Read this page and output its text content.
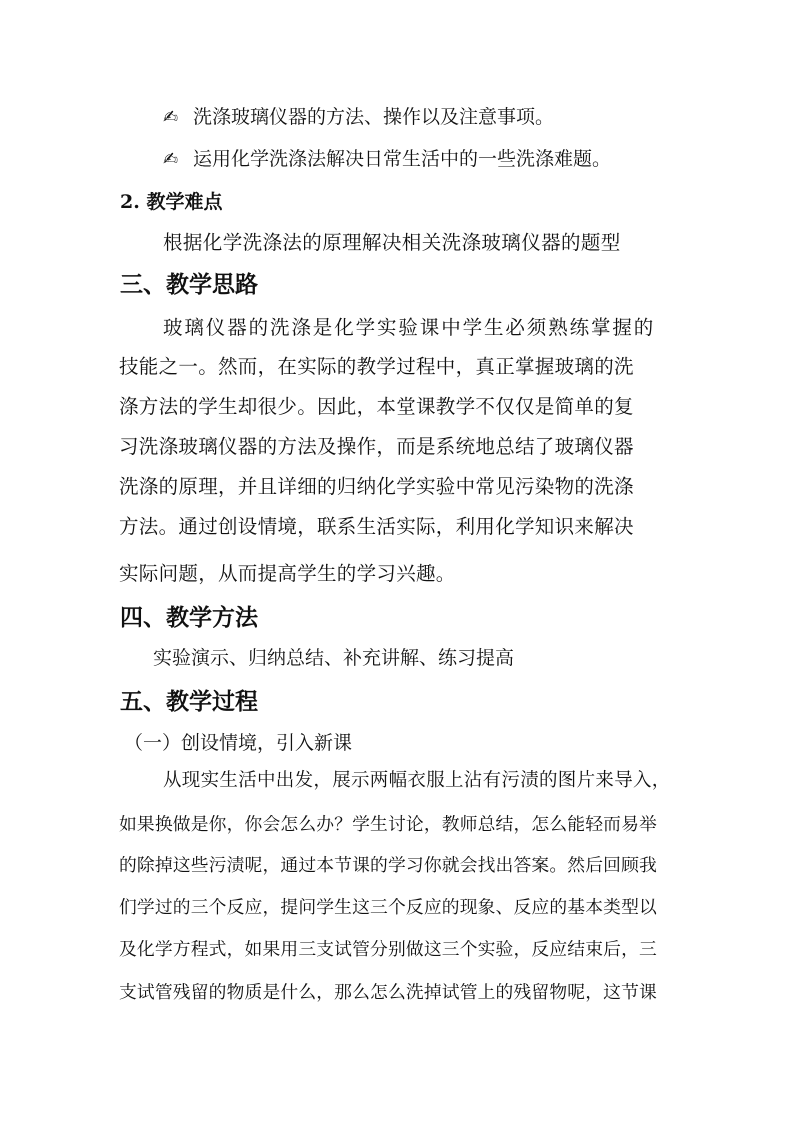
✍ 洗涤玻璃仪器的方法、操作以及注意事项。
✍ 运用化学洗涤法解决日常生活中的一些洗涤难题。
2. 教学难点
根据化学洗涤法的原理解决相关洗涤玻璃仪器的题型
三、教学思路
玻璃仪器的洗涤是化学实验课中学生必须熟练掌握的
技能之一。然而，在实际的教学过程中，真正掌握玻璃的洗
涤方法的学生却很少。因此，本堂课教学不仅仅是简单的复
习洗涤玻璃仪器的方法及操作，而是系统地总结了玻璃仪器
洗涤的原理，并且详细的归纳化学实验中常见污染物的洗涤
方法。通过创设情境，联系生活实际，利用化学知识来解决
实际问题，从而提高学生的学习兴趣。
四、教学方法
实验演示、归纳总结、补充讲解、练习提高
五、教学过程
（一）创设情境，引入新课
从现实生活中出发，展示两幅衣服上沾有污渍的图片来导入，
如果换做是你，你会怎么办？学生讨论，教师总结，怎么能轻而易举
的除掉这些污渍呢，通过本节课的学习你就会找出答案。然后回顾我
们学过的三个反应，提问学生这三个反应的现象、反应的基本类型以
及化学方程式，如果用三支试管分别做这三个实验，反应结束后，三
支试管残留的物质是什么，那么怎么洗掉试管上的残留物呢，这节课
